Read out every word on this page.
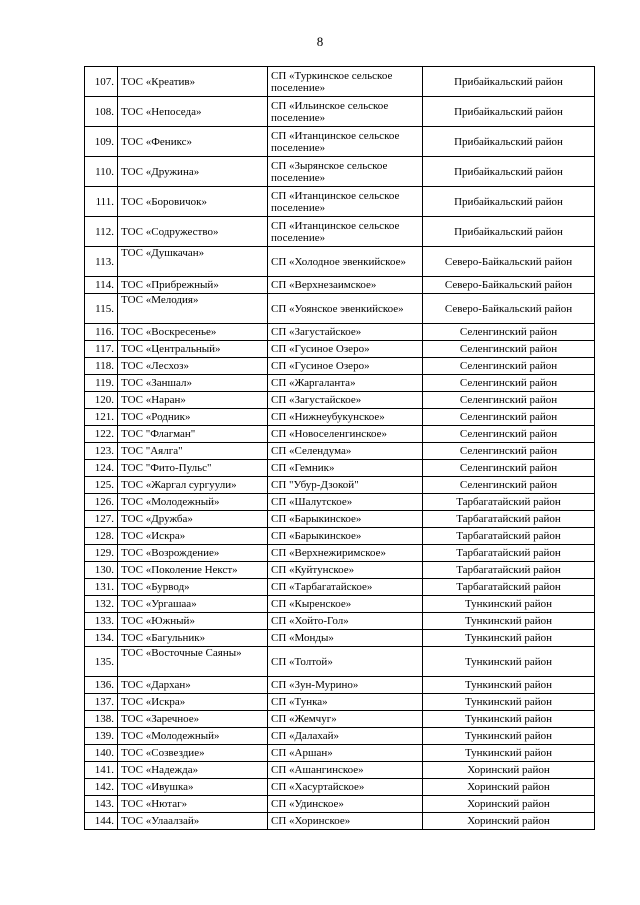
8
107.	ТОС «Креатив»	СП «Туркинское сельское поселение»	Прибайкальский район
108.	ТОС «Непоседа»	СП «Ильинское сельское поселение»	Прибайкальский район
109.	ТОС «Феникс»	СП «Итанцинское сельское поселение»	Прибайкальский район
110.	ТОС «Дружина»	СП «Зырянское сельское поселение»	Прибайкальский район
111.	ТОС «Боровичок»	СП «Итанцинское сельское поселение»	Прибайкальский район
112.	ТОС «Содружество»	СП «Итанцинское сельское поселение»	Прибайкальский район
113.	ТОС «Душкачан»	СП «Холодное эвенкийское»	Северо-Байкальский район
114.	ТОС «Прибрежный»	СП «Верхнезаимское»	Северо-Байкальский район
115.	ТОС «Мелодия»	СП «Уоянское эвенкийское»	Северо-Байкальский район
116.	ТОС «Воскресенье»	СП «Загустайское»	Селенгинский район
117.	ТОС «Центральный»	СП «Гусиное Озеро»	Селенгинский район
118.	ТОС «Лесхоз»	СП «Гусиное Озеро»	Селенгинский район
119.	ТОС «Заншал»	СП «Жаргаланта»	Селенгинский район
120.	ТОС «Наран»	СП «Загустайское»	Селенгинский район
121.	ТОС «Родник»	СП «Нижнеубукунское»	Селенгинский район
122.	ТОС "Флагман"	СП «Новоселенгинское»	Селенгинский район
123.	ТОС "Аялга"	СП «Селендума»	Селенгинский район
124.	ТОС "Фито-Пульс"	СП «Гемник»	Селенгинский район
125.	ТОС «Жаргал сургуули»	СП "Убур-Дзокой"	Селенгинский район
126.	ТОС «Молодежный»	СП «Шалутское»	Тарбагатайский район
127.	ТОС «Дружба»	СП «Барыкинское»	Тарбагатайский район
128.	ТОС «Искра»	СП «Барыкинское»	Тарбагатайский район
129.	ТОС «Возрождение»	СП «Верхнежиримское»	Тарбагатайский район
130.	ТОС «Поколение Некст»	СП «Куйтунское»	Тарбагатайский район
131.	ТОС «Бурвод»	СП «Тарбагатайское»	Тарбагатайский район
132.	ТОС «Ургашаа»	СП «Кыренское»	Тункинский район
133.	ТОС «Южный»	СП «Хойто-Гол»	Тункинский район
134.	ТОС «Багульник»	СП «Монды»	Тункинский район
135.	ТОС «Восточные Саяны»	СП «Толтой»	Тункинский район
136.	ТОС «Дархан»	СП «Зун-Мурино»	Тункинский район
137.	ТОС «Искра»	СП «Тунка»	Тункинский район
138.	ТОС «Заречное»	СП «Жемчуг»	Тункинский район
139.	ТОС «Молодежный»	СП «Далахай»	Тункинский район
140.	ТОС «Созвездие»	СП «Аршан»	Тункинский район
141.	ТОС «Надежда»	СП «Ашангинское»	Хоринский район
142.	ТОС «Ивушка»	СП «Хасуртайское»	Хоринский район
143.	ТОС «Нютаг»	СП «Удинское»	Хоринский район
144.	ТОС «Улаалзай»	СП «Хоринское»	Хоринский район
